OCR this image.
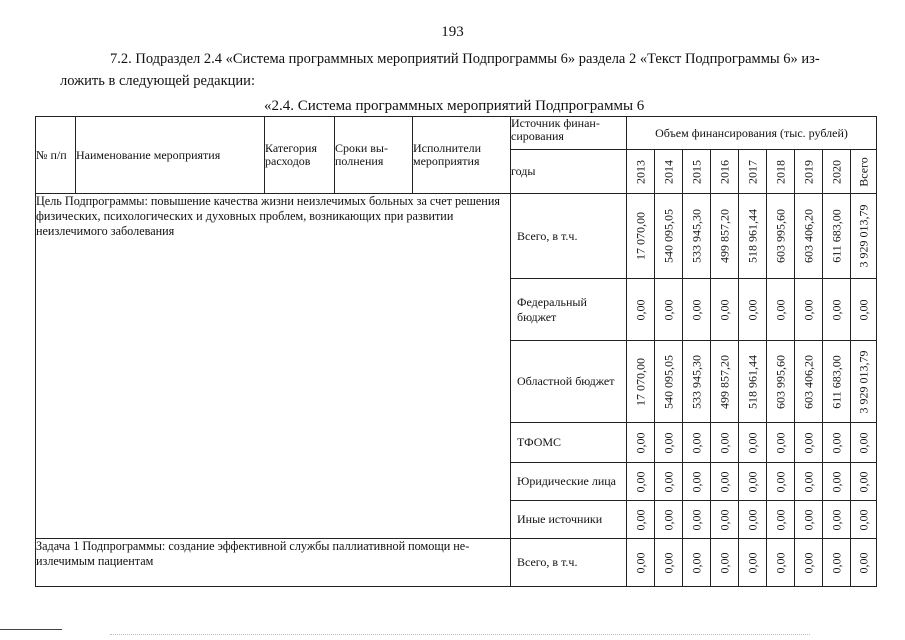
193
7.2. Подраздел 2.4 «Система программных мероприятий Подпрограммы 6» раздела 2 «Текст Подпрограммы 6» из-
ложить в следующей редакции:
«2.4. Система программных мероприятий Подпрограммы 6
№ п/п	Наименование мероприятия	Категория расходов	Сроки вы-полнения	Исполнители мероприятия	Источник финан-сирования	Объем финансирования (тыс. рублей)								
					годы	2013	2014	2015	2016	2017	2018	2019	2020	Всего

Цель Подпрограммы: повышение качества жизни неизлечимых больных за счет решения физических, психологических и духовных проблем, возникающих при развитии неизлечимого заболевания					Всего, в т.ч.	17 070,00	540 095,05	533 945,30	499 857,20	518 961,44	603 995,60	603 406,20	611 683,00	3 929 013,79

					Федеральный бюджет	0,00	0,00	0,00	0,00	0,00	0,00	0,00	0,00	0,00

					Областной бюджет	17 070,00	540 095,05	533 945,30	499 857,20	518 961,44	603 995,60	603 406,20	611 683,00	3 929 013,79

					ТФОМС	0,00	0,00	0,00	0,00	0,00	0,00	0,00	0,00	0,00

					Юридические лица	0,00	0,00	0,00	0,00	0,00	0,00	0,00	0,00	0,00

					Иные источники	0,00	0,00	0,00	0,00	0,00	0,00	0,00	0,00	0,00

Задача 1 Подпрограммы: создание эффективной службы паллиативной помощи не-излечимым пациентам					Всего, в т.ч.	0,00	0,00	0,00	0,00	0,00	0,00	0,00	0,00	0,00
